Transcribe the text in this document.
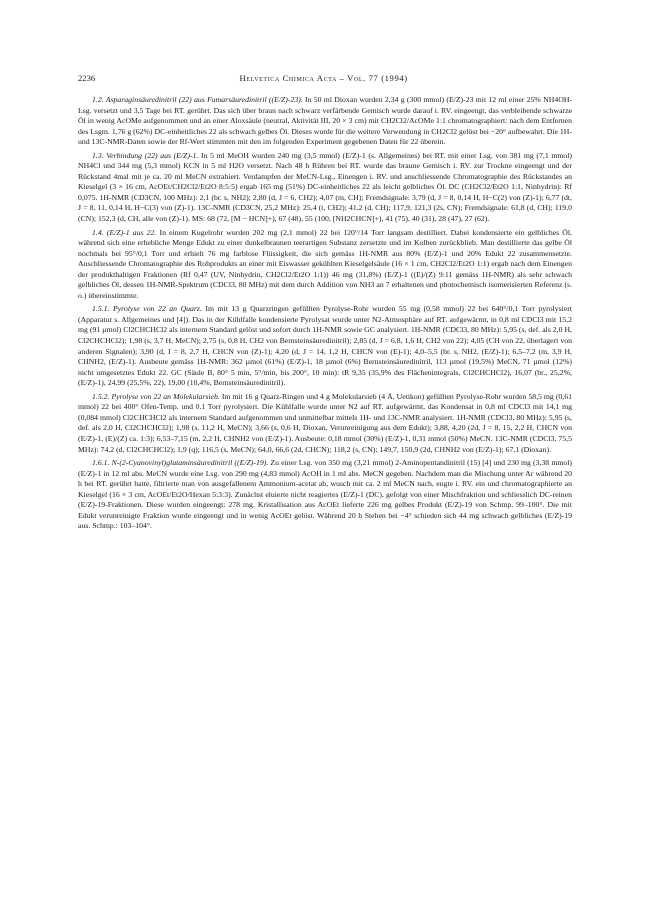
2236	Helvetica Chimica Acta – Vol. 77 (1994)

1.2. Asparaginsäuredinitril (22) aus Fumarsäuredinitril ((E/Z)-23). In 50 ml Dioxan wurden 2,34 g (300 mmol) (E/Z)-23 mit 12 ml einer 25% NH4OH-Lsg. versetzt und 3,5 Tage bei RT. gerührt. Das sich über braun nach schwarz verfärbende Gemisch wurde darauf i. RV. eingeengt, das verbleibende schwarze Öl in wenig AcOMe aufgenommen und an einer Aloxsäule (neutral, Aktivität III, 20 × 3 cm) mit CH2Cl2/AcOMe 1:1 chromatographiert: nach dem Entfernen des Lsgm. 1,76 g (62%) DC-einheitliches 22 als schwach gelbes Öl. Dieses wurde für die weitere Verwendung in CH2Cl2 gelöst bei −20° aufbewahrt. Die 1H- und 13C-NMR-Daten sowie der Rf-Wert stimmten mit den im folgenden Experiment gegebenen Daten für 22 überein.

1.3. Verbindung (22) aus (E/Z)-1. In 5 ml MeOH wurden 240 mg (3,5 mmol) (E/Z)-1 (s. Allgemeines) bei RT. mit einer Lsg. von 381 mg (7,1 mmol) NH4Cl und 344 mg (5,3 mmol) KCN in 5 ml H2O versetzt. Nach 48 h Rühren bei RT. wurde das braune Gemisch i. RV. zur Trockne eingeengt und der Rückstand 4mal mit je ca. 20 ml MeCN extrahiert. Verdampfen der MeCN-Lsg., Einengen i. RV. und anschliessende Chromatographie des Rückstandes an Kieselgel (3 × 16 cm, AcOEt/CH2Cl2/Et2O 8:5:5) ergab 165 mg (51%) DC-einheitliches 22 als leicht gelbliches Öl. DC (CH2Cl2/Et2O 1:1, Ninhydrin): Rf 0,075. 1H-NMR (CD3CN, 100 MHz): 2,1 (br. s, NH2); 2,80 (d, J = 6, CH2); 4,07 (m, CH); Fremdsignale: 3,79 (d, J = 8, 0,14 H, H−C(2) von (Z)-1); 6,77 (dt, J = 8, 11, 0,14 H, H−C(3) von (Z)-1). 13C-NMR (CD3CN, 25,2 MHz): 25,4 (t, CH2); 41,2 (d, CH); 117,9, 121,3 (2s, CN); Fremdsignale: 61,8 (d, CH); 119,0 (CN); 152,3 (d, CH, alle von (Z)-1). MS: 68 (72, [M − HCN]+), 67 (48), 55 (100, [NH2CHCN]+), 41 (75), 40 (31), 28 (47), 27 (62).

1.4. (E/Z)-1 aus 22. In einem Kugelrohr wurden 202 mg (2,1 mmol) 22 bei 120°/14 Torr langsam destilliert. Dabei kondensierte ein gelbliches Öl, während sich eine erhebliche Menge Edukt zu einer dunkelbraunen teerartigen Substanz zersetzte und im Kolben zurückblieb. Man destillierte das gelbe Öl nochmals bei 95°/0,1 Torr und erhielt 76 mg farblose Flüssigkeit, die sich gemäss 1H-NMR aus 80% (E/Z)-1 und 20% Edukt 22 zusammensetzte. Anschliessende Chromatographie des Rohprodukts an einer mit Eiswasser gekühlten Kieselgelsäule (16 × 1 cm, CH2Cl2/Et2O 1:1) ergab nach dem Einengen der produkthaltigen Fraktionen (Rf 0,47 (UV, Ninhydrin, CH2Cl2/Et2O 1:1)) 46 mg (31,8%) (E/Z)-1 ((E)/(Z) 9:11 gemäss 1H-NMR) als sehr schwach gelbliches Öl, dessen 1H-NMR-Spektrum (CDCl3, 80 MHz) mit dem durch Addition von NH3 an 7 erhaltenen und photochemisch isomerisierten Referenz (s. o.) übereinstimmte.

1.5.1. Pyrolyse von 22 an Quarz. Im mit 13 g Quarzringen gefüllten Pyrolyse-Rohr wurden 55 mg (0,58 mmol) 22 bei 640°/0,1 Torr pyrolysiert (Apparatur s. Allgemeines und [4]). Das in der Kühlfalle kondensierte Pyrolysat wurde unter N2-Atmosphäre auf RT. aufgewärmt, in 0,8 ml CDCl3 mit 15,2 mg (91 µmol) Cl2CHCHCl2 als internem Standard gelöst und sofort durch 1H-NMR sowie GC analysiert. 1H-NMR (CDCl3, 80 MHz): 5,95 (s, def. als 2,0 H, Cl2CHCHCl2); 1,98 (s, 3,7 H, MeCN); 2,75 (s, 0,8 H, CH2 von Bernsteinsäuredinitril); 2,85 (d, J = 6,8, 1,6 H, CH2 von 22); 4,05 (CH von 22, überlagert von anderen Signalen); 3,90 (d, J = 8, 2,7 H, CHCN von (Z)-1); 4,20 (d, J = 14, 1,2 H, CHCN von (E)-1); 4,0–5,5 (br. s, NH2, (E/Z)-1); 6,5–7,2 (m, 3,9 H, CHNH2, (E/Z)-1). Ausbeute gemäss 1H-NMR: 362 µmol (61%) (E/Z)-1, 18 µmol (6%) Bernsteinsäuredinitril, 113 µmol (19,5%) MeCN, 71 µmol (12%) nicht umgesetztes Edukt 22. GC (Säule B, 80° 5 min, 5°/min, bis 200°, 10 min): tR 9,35 (35,9% des Flächenintegrals, Cl2CHCHCl2), 16,07 (br., 25,2%, (E/Z)-1), 24,99 (25,5%, 22), 19,00 (10,4%, Bernsteinsäuredinitril).

1.5.2. Pyrolyse von 22 an Molekularsieb. Im mit 16 g Quarz-Ringen und 4 g Molekularsieb (4 Å, Uetikon) gefüllten Pyrolyse-Rohr wurden 58,5 mg (0,61 mmol) 22 bei 400° Ofen-Temp. und 0.1 Torr pyrolysiert. Die Kühlfalle wurde unter N2 auf RT. aufgewärmt, das Kondensat in 0,8 ml CDCl3 mit 14,1 mg (0,084 mmol) Cl2CHCHCl2 als internem Standard aufgenommen und unmittelbar mittels 1H- und 13C-NMR analysiert. 1H-NMR (CDCl3, 80 MHz): 5,95 (s, def. als 2,0 H, Cl2CHCHCl2); 1,98 (s, 11,2 H, MeCN); 3,66 (s, 0,6 H, Dioxan, Verunreinigung aus dem Edukt); 3,88, 4,20 (2d, J = 8, 15, 2,2 H, CHCN von (E/Z)-1, (E)/(Z) ca. 1:3); 6,53–7,15 (m, 2,2 H, CHNH2 von (E/Z)-1). Ausbeute: 0,18 mmol (30%) (E/Z)-1, 0,31 mmol (50%) MeCN. 13C-NMR (CDCl3, 75,5 MHz): 74,2 (d, Cl2CHCHCl2); 1,9 (q); 116,5 (s, MeCN); 64,0, 66,6 (2d, CHCN); 118,2 (s, CN); 149,7, 150,9 (2d, CHNH2 von (E/Z)-1); 67,1 (Dioxan).

1.6.1. N-(2-Cyanovinyl)glutaminsäuredinitril ((E/Z)-19). Zu einer Lsg. von 350 mg (3,21 mmol) 2-Aminopentandinitril (15) [4] und 230 mg (3,38 mmol) (E/Z)-1 in 12 ml abs. MeCN wurde eine Lsg. von 290 mg (4,83 mmol) AcOH in 1 ml abs. MeCN gegeben. Nachdem man die Mischung unter Ar während 20 h bei RT. gerührt hatte, filtrierte man von ausgefallenem Ammonium-acetat ab, wusch mit ca. 2 ml MeCN nach, engte i. RV. ein und chromatographierte an Kieselgel (16 × 3 cm, AcOEt/Et2O/Hexan 5:3:3). Zunächst eluierte nicht reagiertes (E/Z)-1 (DC), gefolgt von einer Mischfraktion und schliesslich DC-reinen (E/Z)-19-Fraktionen. Diese wurden eingeengt: 278 mg. Kristallisation aus AcOEt lieferte 226 mg gelbes Produkt (E/Z)-19 von Schmp. 99–100°. Die mit Edukt verunreinigte Fraktion wurde eingeengt und in wenig AcOEt gelöst. Während 20 h Stehen bei −4° schieden sich 44 mg schwach gelbliches (E/Z)-19 aus. Schmp.: 103–104°.
